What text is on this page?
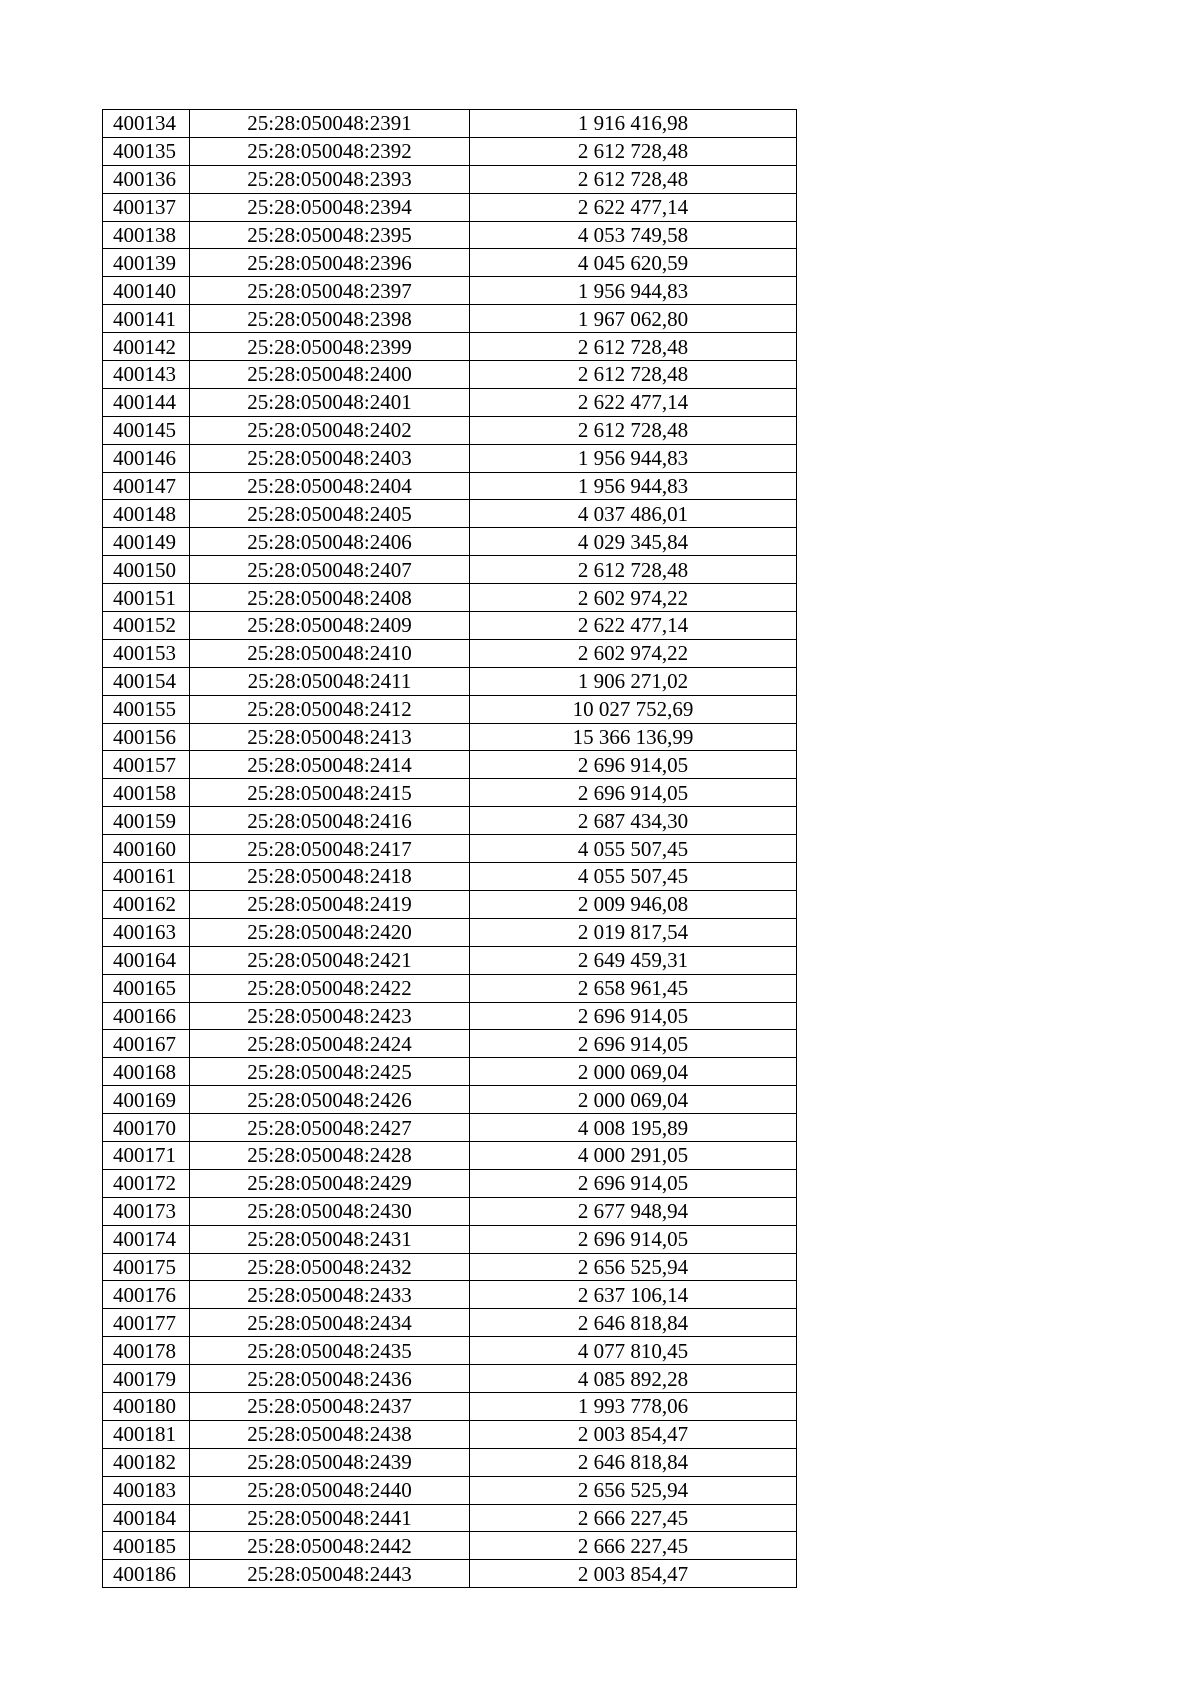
400134	25:28:050048:2391	1 916 416,98
400135	25:28:050048:2392	2 612 728,48
400136	25:28:050048:2393	2 612 728,48
400137	25:28:050048:2394	2 622 477,14
400138	25:28:050048:2395	4 053 749,58
400139	25:28:050048:2396	4 045 620,59
400140	25:28:050048:2397	1 956 944,83
400141	25:28:050048:2398	1 967 062,80
400142	25:28:050048:2399	2 612 728,48
400143	25:28:050048:2400	2 612 728,48
400144	25:28:050048:2401	2 622 477,14
400145	25:28:050048:2402	2 612 728,48
400146	25:28:050048:2403	1 956 944,83
400147	25:28:050048:2404	1 956 944,83
400148	25:28:050048:2405	4 037 486,01
400149	25:28:050048:2406	4 029 345,84
400150	25:28:050048:2407	2 612 728,48
400151	25:28:050048:2408	2 602 974,22
400152	25:28:050048:2409	2 622 477,14
400153	25:28:050048:2410	2 602 974,22
400154	25:28:050048:2411	1 906 271,02
400155	25:28:050048:2412	10 027 752,69
400156	25:28:050048:2413	15 366 136,99
400157	25:28:050048:2414	2 696 914,05
400158	25:28:050048:2415	2 696 914,05
400159	25:28:050048:2416	2 687 434,30
400160	25:28:050048:2417	4 055 507,45
400161	25:28:050048:2418	4 055 507,45
400162	25:28:050048:2419	2 009 946,08
400163	25:28:050048:2420	2 019 817,54
400164	25:28:050048:2421	2 649 459,31
400165	25:28:050048:2422	2 658 961,45
400166	25:28:050048:2423	2 696 914,05
400167	25:28:050048:2424	2 696 914,05
400168	25:28:050048:2425	2 000 069,04
400169	25:28:050048:2426	2 000 069,04
400170	25:28:050048:2427	4 008 195,89
400171	25:28:050048:2428	4 000 291,05
400172	25:28:050048:2429	2 696 914,05
400173	25:28:050048:2430	2 677 948,94
400174	25:28:050048:2431	2 696 914,05
400175	25:28:050048:2432	2 656 525,94
400176	25:28:050048:2433	2 637 106,14
400177	25:28:050048:2434	2 646 818,84
400178	25:28:050048:2435	4 077 810,45
400179	25:28:050048:2436	4 085 892,28
400180	25:28:050048:2437	1 993 778,06
400181	25:28:050048:2438	2 003 854,47
400182	25:28:050048:2439	2 646 818,84
400183	25:28:050048:2440	2 656 525,94
400184	25:28:050048:2441	2 666 227,45
400185	25:28:050048:2442	2 666 227,45
400186	25:28:050048:2443	2 003 854,47
